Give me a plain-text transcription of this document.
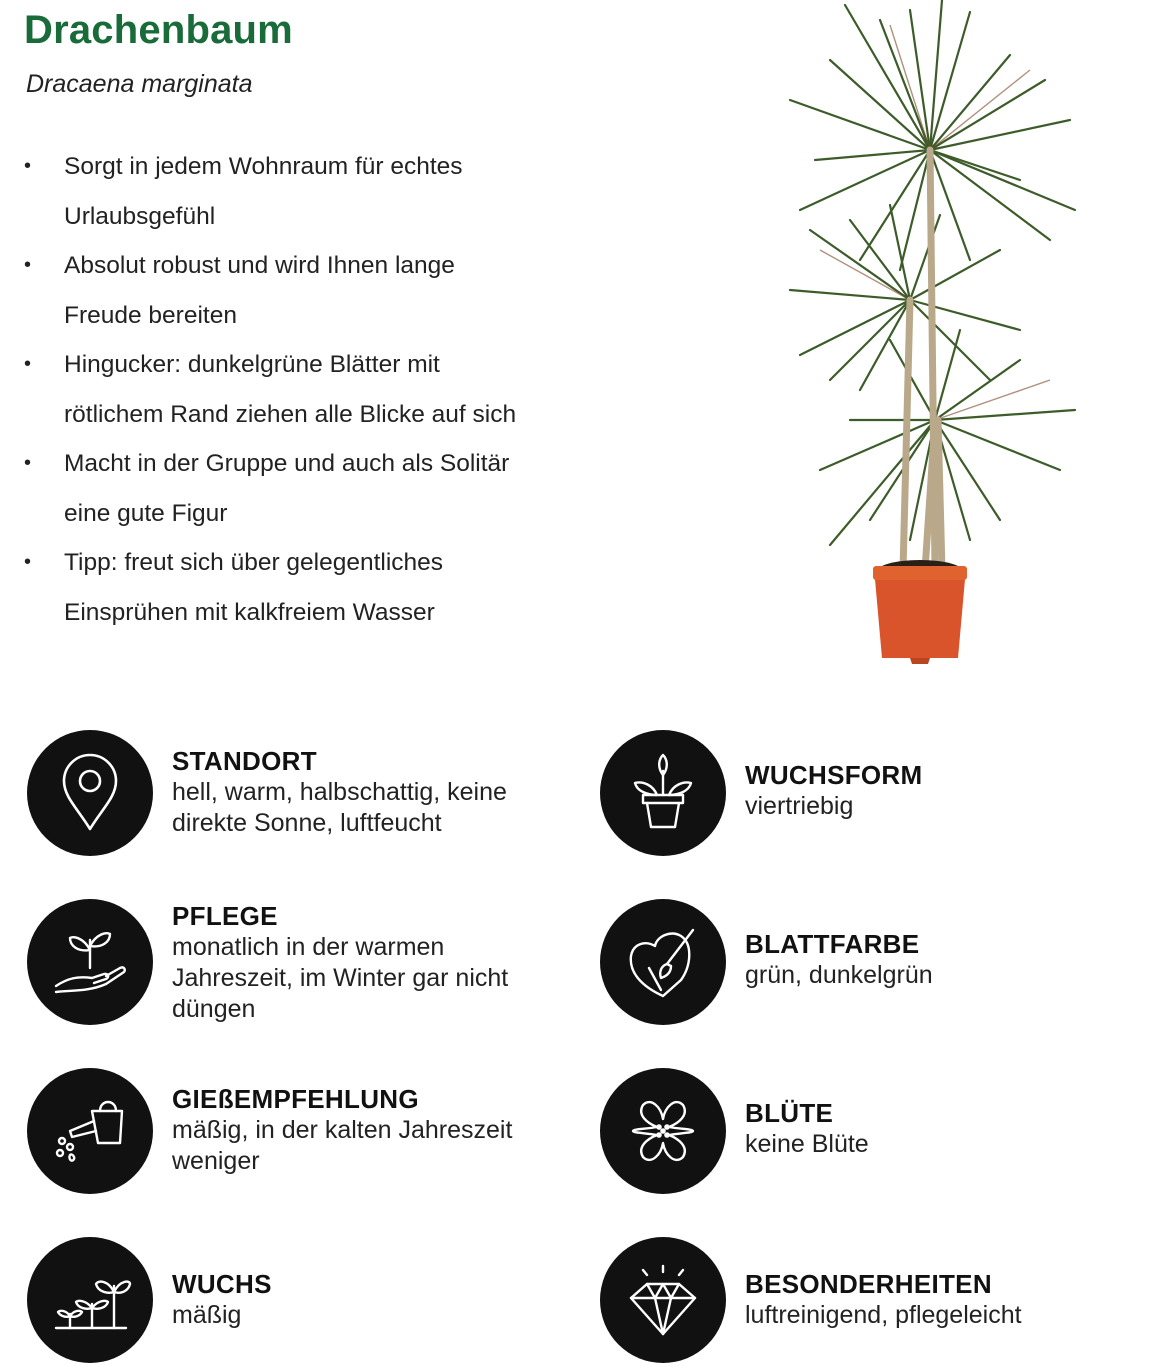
Drachenbaum
Dracaena marginata
• Sorgt in jedem Wohnraum für echtes
Urlaubsgefühl
• Absolut robust und wird Ihnen lange
Freude bereiten
• Hingucker: dunkelgrüne Blätter mit
rötlichem Rand ziehen alle Blicke auf sich
• Macht in der Gruppe und auch als Solitär
eine gute Figur
• Tipp: freut sich über gelegentliches
Einsprühen mit kalkfreiem Wasser
STANDORT
hell, warm, halbschattig, keine
direkte Sonne, luftfeucht
PFLEGE
monatlich in der warmen
Jahreszeit, im Winter gar nicht
düngen
GIEßEMPFEHLUNG
mäßig, in der kalten Jahreszeit
weniger
WUCHS
mäßig
WUCHSFORM
viertriebig
BLATTFARBE
grün, dunkelgrün
BLÜTE
keine Blüte
BESONDERHEITEN
luftreinigend, pflegeleicht
